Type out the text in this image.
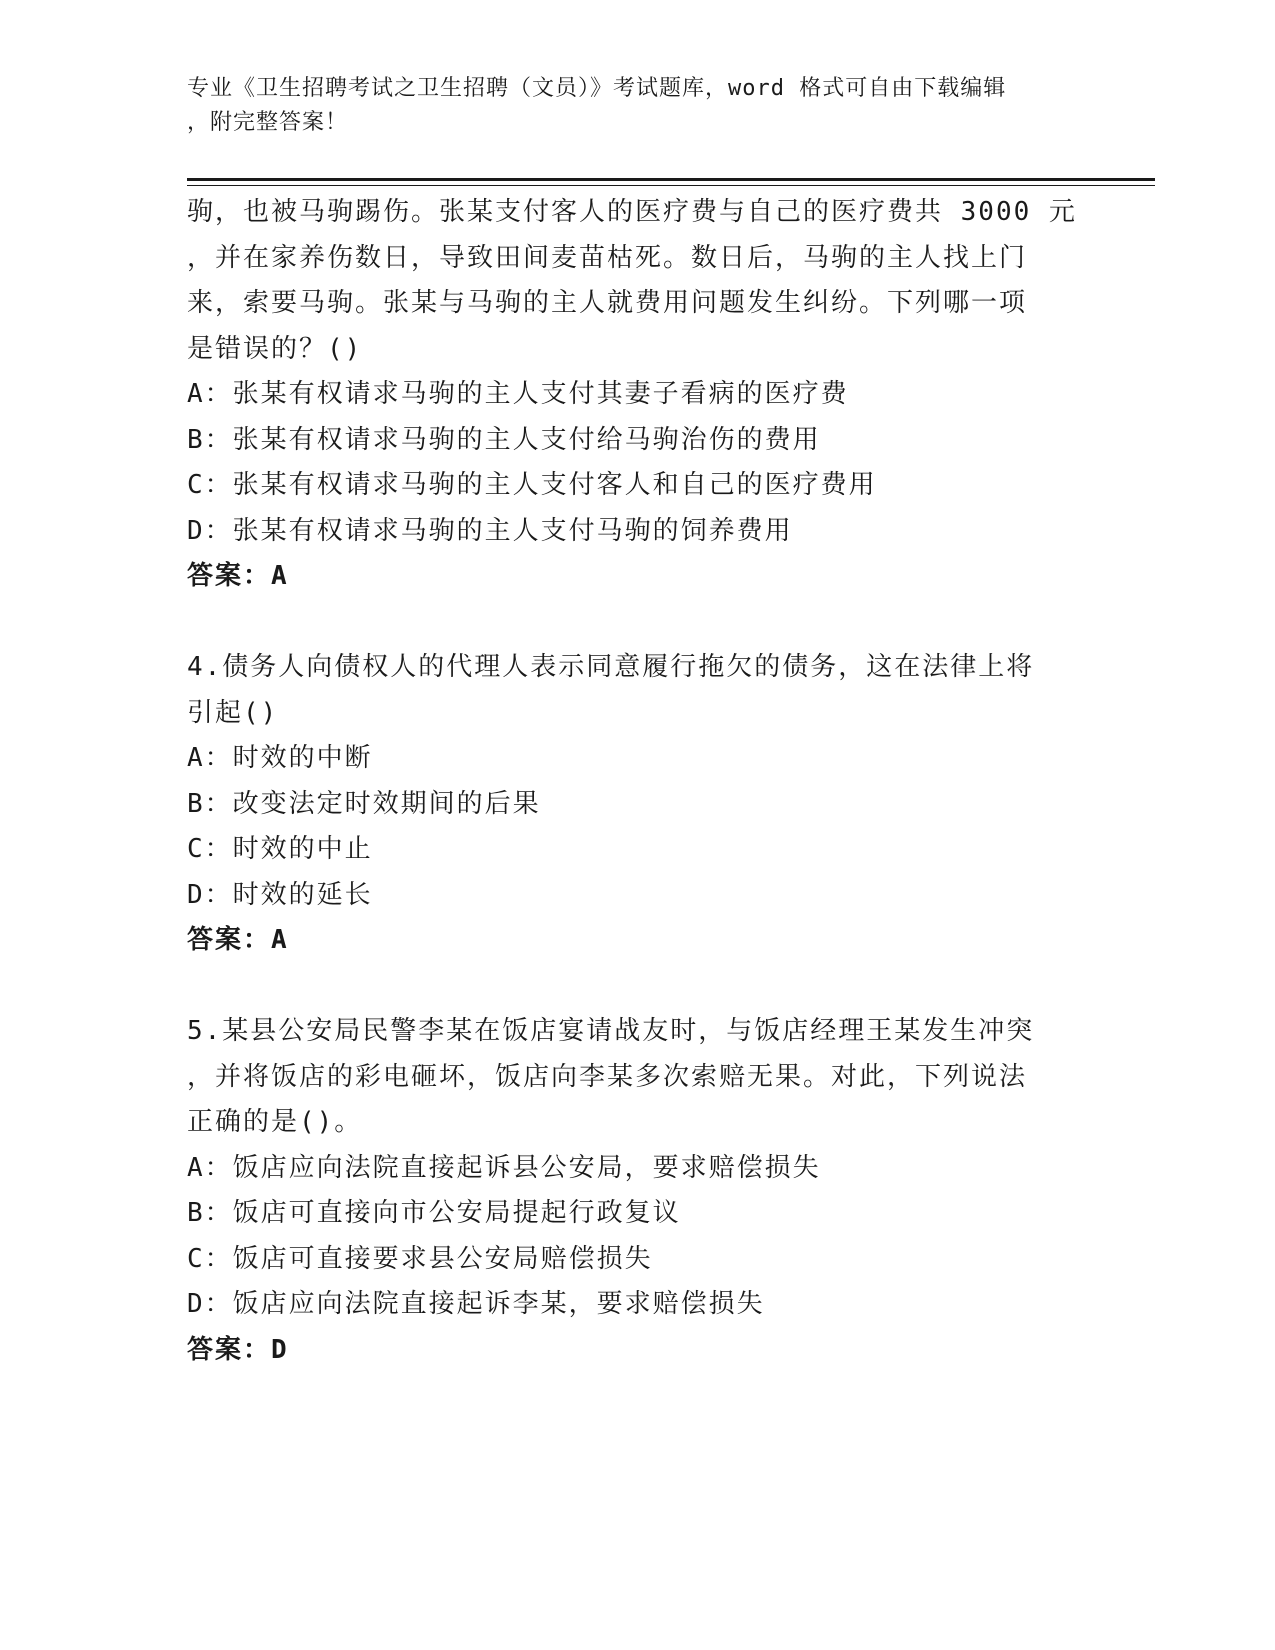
专业《卫生招聘考试之卫生招聘（文员）》考试题库，word 格式可自由下载编辑
，附完整答案！
驹，也被马驹踢伤。张某支付客人的医疗费与自己的医疗费共 3000 元
，并在家养伤数日，导致田间麦苗枯死。数日后，马驹的主人找上门
来，索要马驹。张某与马驹的主人就费用问题发生纠纷。下列哪一项
是错误的？()
A：张某有权请求马驹的主人支付其妻子看病的医疗费
B：张某有权请求马驹的主人支付给马驹治伤的费用
C：张某有权请求马驹的主人支付客人和自己的医疗费用
D：张某有权请求马驹的主人支付马驹的饲养费用
答案：A
4.债务人向债权人的代理人表示同意履行拖欠的债务，这在法律上将
引起()
A：时效的中断
B：改变法定时效期间的后果
C：时效的中止
D：时效的延长
答案：A
5.某县公安局民警李某在饭店宴请战友时，与饭店经理王某发生冲突
，并将饭店的彩电砸坏，饭店向李某多次索赔无果。对此，下列说法
正确的是()。
A：饭店应向法院直接起诉县公安局，要求赔偿损失
B：饭店可直接向市公安局提起行政复议
C：饭店可直接要求县公安局赔偿损失
D：饭店应向法院直接起诉李某，要求赔偿损失
答案：D
